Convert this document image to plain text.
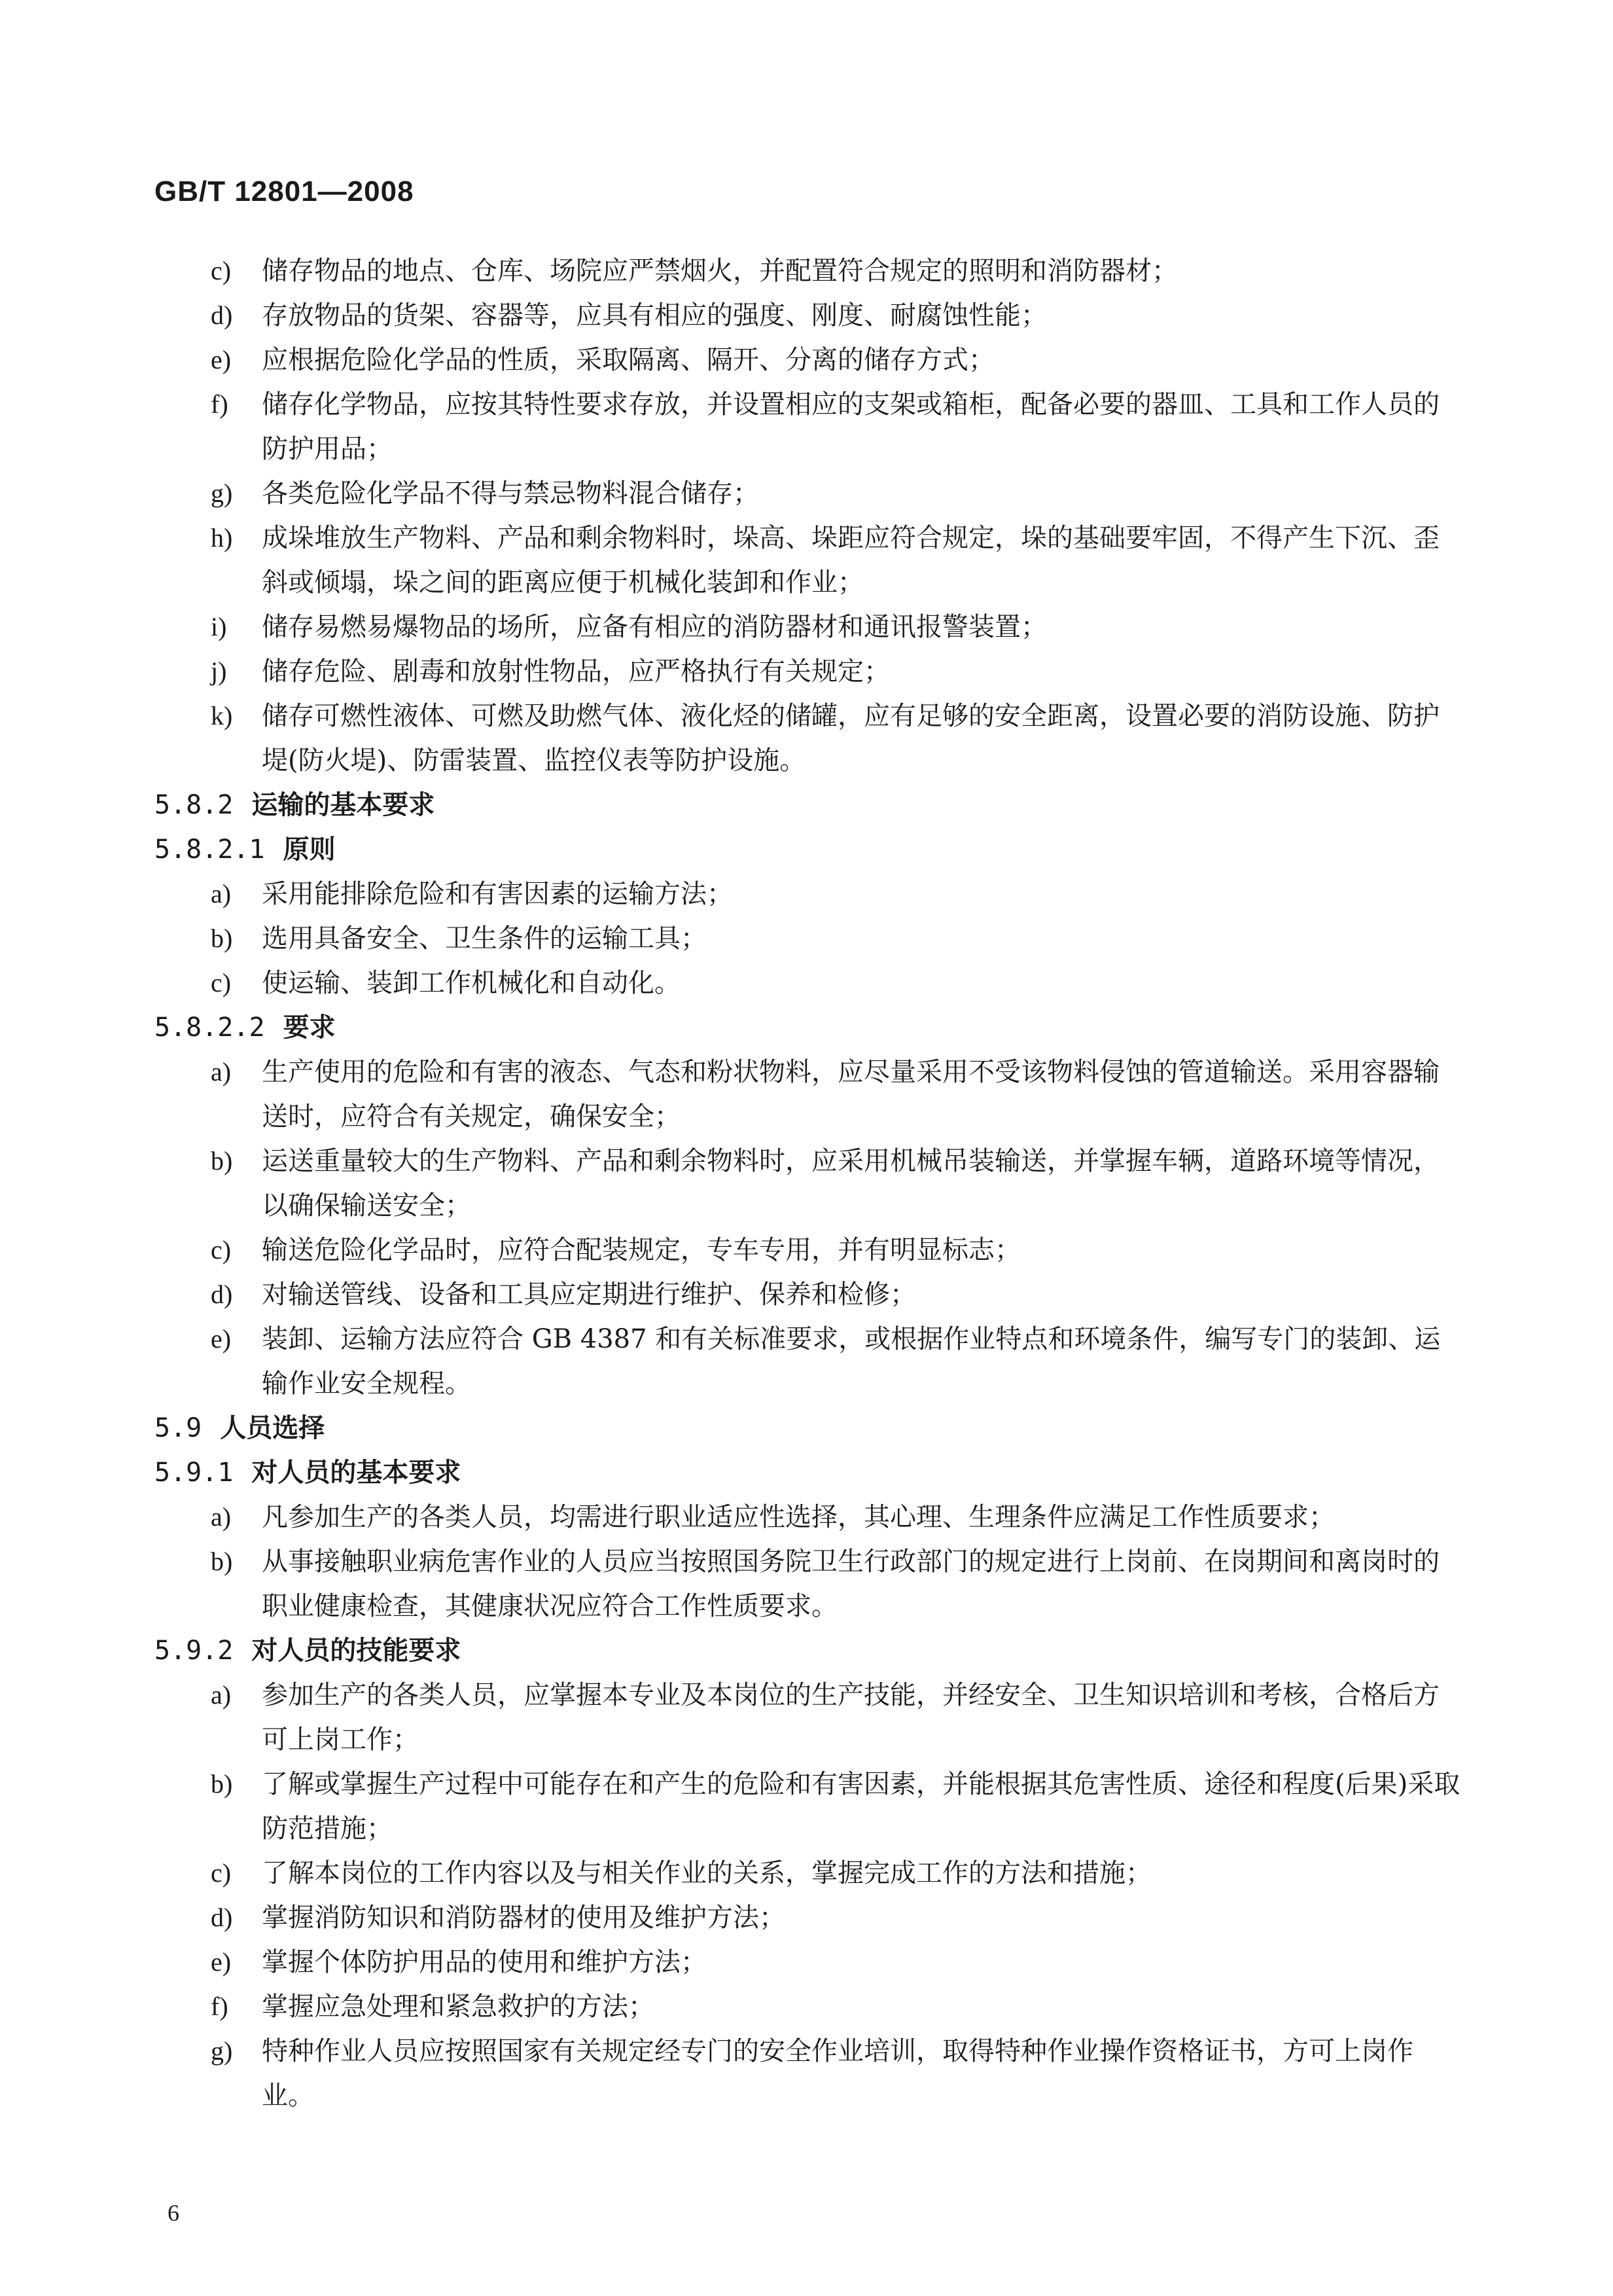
GB/T 12801—2008

c) 储存物品的地点、仓库、场院应严禁烟火，并配置符合规定的照明和消防器材；
d) 存放物品的货架、容器等，应具有相应的强度、刚度、耐腐蚀性能；
e) 应根据危险化学品的性质，采取隔离、隔开、分离的储存方式；
f) 储存化学物品，应按其特性要求存放，并设置相应的支架或箱柜，配备必要的器皿、工具和工作人员的防护用品；
g) 各类危险化学品不得与禁忌物料混合储存；
h) 成垛堆放生产物料、产品和剩余物料时，垛高、垛距应符合规定，垛的基础要牢固，不得产生下沉、歪斜或倾塌，垛之间的距离应便于机械化装卸和作业；
i) 储存易燃易爆物品的场所，应备有相应的消防器材和通讯报警装置；
j) 储存危险、剧毒和放射性物品，应严格执行有关规定；
k) 储存可燃性液体、可燃及助燃气体、液化烃的储罐，应有足够的安全距离，设置必要的消防设施、防护堤(防火堤)、防雷装置、监控仪表等防护设施。

5.8.2 运输的基本要求

5.8.2.1 原则

a) 采用能排除危险和有害因素的运输方法；
b) 选用具备安全、卫生条件的运输工具；
c) 使运输、装卸工作机械化和自动化。

5.8.2.2 要求

a) 生产使用的危险和有害的液态、气态和粉状物料，应尽量采用不受该物料侵蚀的管道输送。采用容器输送时，应符合有关规定，确保安全；
b) 运送重量较大的生产物料、产品和剩余物料时，应采用机械吊装输送，并掌握车辆，道路环境等情况，以确保输送安全；
c) 输送危险化学品时，应符合配装规定，专车专用，并有明显标志；
d) 对输送管线、设备和工具应定期进行维护、保养和检修；
e) 装卸、运输方法应符合 GB 4387 和有关标准要求，或根据作业特点和环境条件，编写专门的装卸、运输作业安全规程。

5.9 人员选择

5.9.1 对人员的基本要求

a) 凡参加生产的各类人员，均需进行职业适应性选择，其心理、生理条件应满足工作性质要求；
b) 从事接触职业病危害作业的人员应当按照国务院卫生行政部门的规定进行上岗前、在岗期间和离岗时的职业健康检查，其健康状况应符合工作性质要求。

5.9.2 对人员的技能要求

a) 参加生产的各类人员，应掌握本专业及本岗位的生产技能，并经安全、卫生知识培训和考核，合格后方可上岗工作；
b) 了解或掌握生产过程中可能存在和产生的危险和有害因素，并能根据其危害性质、途径和程度(后果)采取防范措施；
c) 了解本岗位的工作内容以及与相关作业的关系，掌握完成工作的方法和措施；
d) 掌握消防知识和消防器材的使用及维护方法；
e) 掌握个体防护用品的使用和维护方法；
f) 掌握应急处理和紧急救护的方法；
g) 特种作业人员应按照国家有关规定经专门的安全作业培训，取得特种作业操作资格证书，方可上岗作业。

6
